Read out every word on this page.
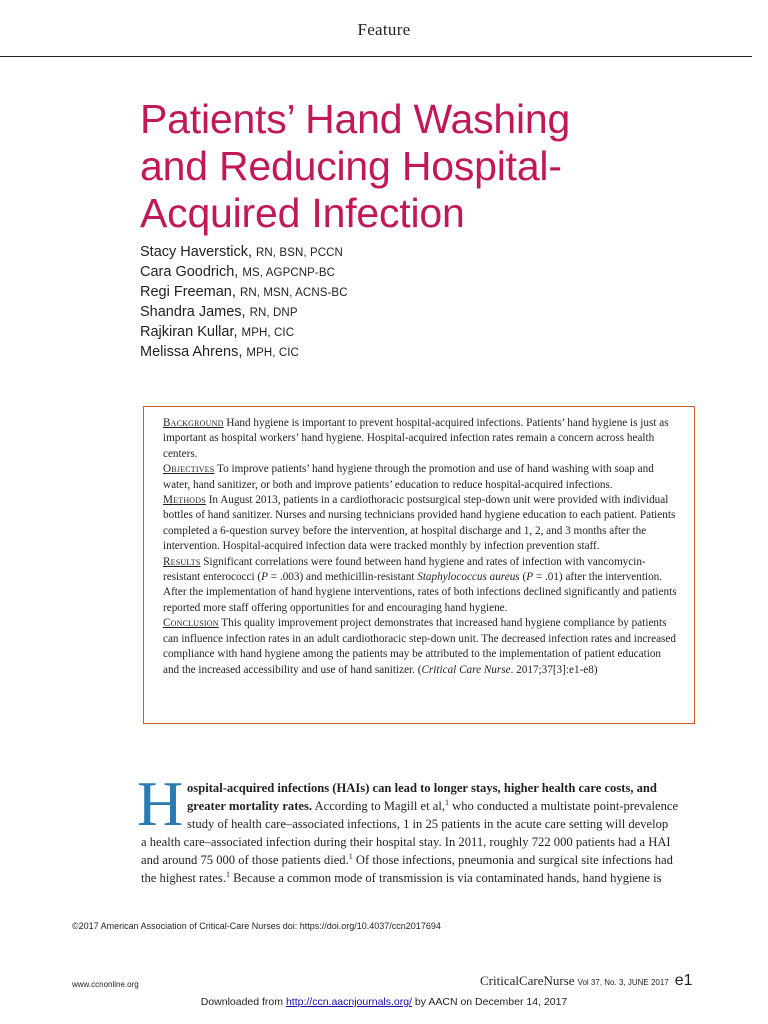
Feature
Patients’ Hand Washing
and Reducing Hospital-
Acquired Infection
Stacy Haverstick, RN, BSN, PCCN
Cara Goodrich, MS, AGPCNP-BC
Regi Freeman, RN, MSN, ACNS-BC
Shandra James, RN, DNP
Rajkiran Kullar, MPH, CIC
Melissa Ahrens, MPH, CIC

Background Hand hygiene is important to prevent hospital-acquired infections. Patients’ hand hygiene is just as important as hospital workers’ hand hygiene. Hospital-acquired infection rates remain a concern across health centers.

Objectives To improve patients’ hand hygiene through the promotion and use of hand washing with soap and water, hand sanitizer, or both and improve patients’ education to reduce hospital-acquired infections.

Methods In August 2013, patients in a cardiothoracic postsurgical step-down unit were provided with individual bottles of hand sanitizer. Nurses and nursing technicians provided hand hygiene education to each patient. Patients completed a 6-question survey before the intervention, at hospital discharge and 1, 2, and 3 months after the intervention. Hospital-acquired infection data were tracked monthly by infection prevention staff.

Results Significant correlations were found between hand hygiene and rates of infection with vancomycin-resistant enterococci (P = .003) and methicillin-resistant Staphylococcus aureus (P = .01) after the intervention. After the implementation of hand hygiene interventions, rates of both infections declined significantly and patients reported more staff offering opportunities for and encouraging hand hygiene.

Conclusion This quality improvement project demonstrates that increased hand hygiene compliance by patients can influence infection rates in an adult cardiothoracic step-down unit. The decreased infection rates and increased compliance with hand hygiene among the patients may be attributed to the implementation of patient education and the increased accessibility and use of hand sanitizer. (Critical Care Nurse. 2017;37[3]:e1-e8)

H ospital-acquired infections (HAIs) can lead to longer stays, higher health care costs, and
greater mortality rates. According to Magill et al,$^1$ who conducted a multistate point-prevalence
study of health care–associated infections, 1 in 25 patients in the acute care setting will develop
a health care–associated infection during their hospital stay. In 2011, roughly 722 000 patients had a HAI
and around 75 000 of those patients died.$^1$ Of those infections, pneumonia and surgical site infections had
the highest rates.$^1$ Because a common mode of transmission is via contaminated hands, hand hygiene is
©2017 American Association of Critical-Care Nurses doi: https://doi.org/10.4037/ccn2017694
www.ccnonline.org	CriticalCareNurse Vol 37, No. 3, JUNE 2017 e1
Downloaded from http://ccn.aacnjournals.org/ by AACN on December 14, 2017
